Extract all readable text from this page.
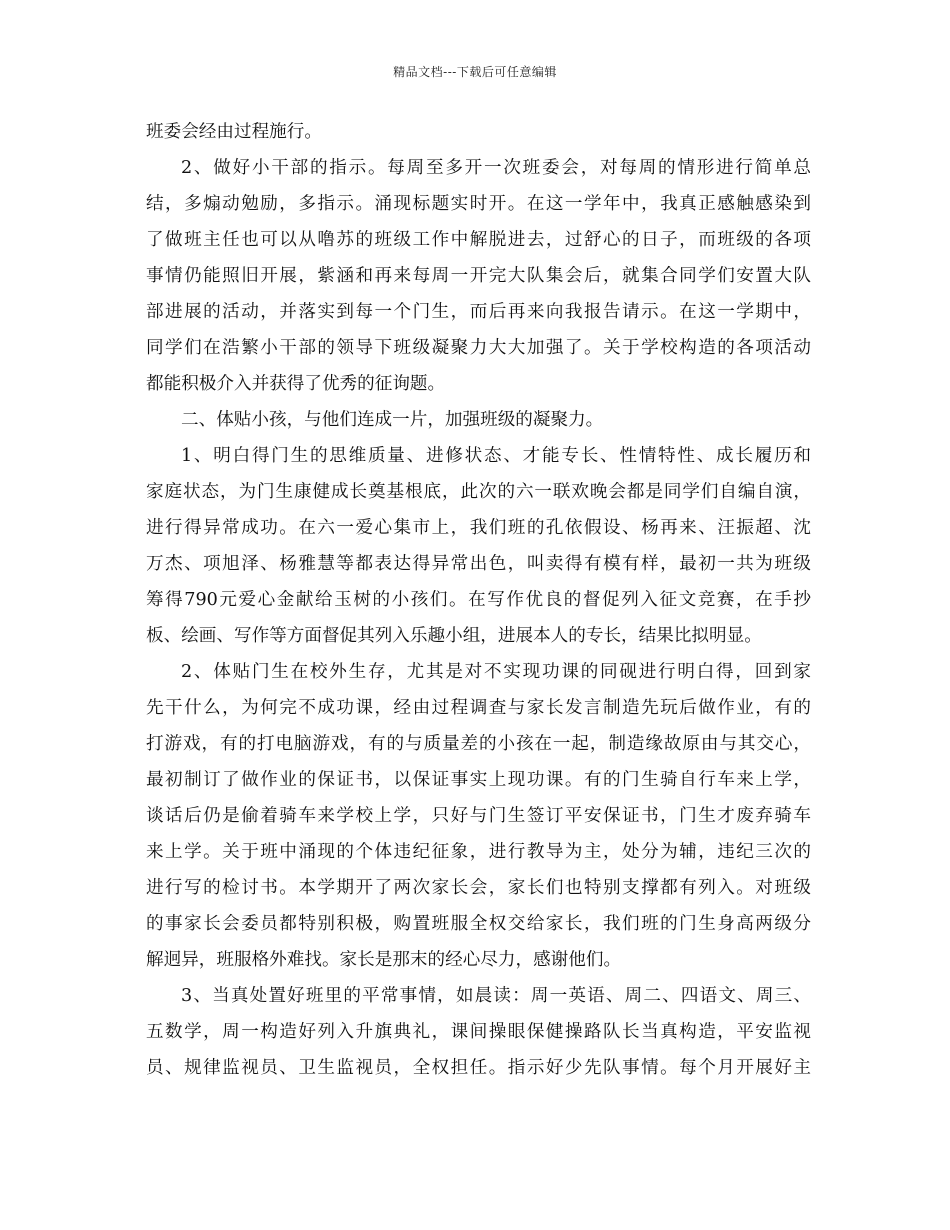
精品文档---下载后可任意编辑
班委会经由过程施行。
2、做好小干部的指示。每周至多开一次班委会，对每周的情形进行简单总
结，多煽动勉励，多指示。涌现标题实时开。在这一学年中，我真正感触感染到
了做班主任也可以从噜苏的班级工作中解脱进去，过舒心的日子，而班级的各项
事情仍能照旧开展，紫涵和再来每周一开完大队集会后，就集合同学们安置大队
部进展的活动，并落实到每一个门生，而后再来向我报告请示。在这一学期中，
同学们在浩繁小干部的领导下班级凝聚力大大加强了。关于学校构造的各项活动
都能积极介入并获得了优秀的征询题。
二、体贴小孩，与他们连成一片，加强班级的凝聚力。
1、明白得门生的思维质量、进修状态、才能专长、性情特性、成长履历和
家庭状态，为门生康健成长奠基根底，此次的六一联欢晚会都是同学们自编自演，
进行得异常成功。在六一爱心集市上，我们班的孔依假设、杨再来、汪振超、沈
万杰、项旭泽、杨雅慧等都表达得异常出色，叫卖得有模有样，最初一共为班级
筹得790元爱心金献给玉树的小孩们。在写作优良的督促列入征文竞赛，在手抄
板、绘画、写作等方面督促其列入乐趣小组，进展本人的专长，结果比拟明显。
2、体贴门生在校外生存，尤其是对不实现功课的同砚进行明白得，回到家
先干什么，为何完不成功课，经由过程调查与家长发言制造先玩后做作业，有的
打游戏，有的打电脑游戏，有的与质量差的小孩在一起，制造缘故原由与其交心，
最初制订了做作业的保证书，以保证事实上现功课。有的门生骑自行车来上学，
谈话后仍是偷着骑车来学校上学，只好与门生签订平安保证书，门生才废弃骑车
来上学。关于班中涌现的个体违纪征象，进行教导为主，处分为辅，违纪三次的
进行写的检讨书。本学期开了两次家长会，家长们也特别支撑都有列入。对班级
的事家长会委员都特别积极，购置班服全权交给家长，我们班的门生身高两级分
解迥异，班服格外难找。家长是那末的经心尽力，感谢他们。
3、当真处置好班里的平常事情，如晨读：周一英语、周二、四语文、周三、
五数学，周一构造好列入升旗典礼，课间操眼保健操路队长当真构造，平安监视
员、规律监视员、卫生监视员，全权担任。指示好少先队事情。每个月开展好主
